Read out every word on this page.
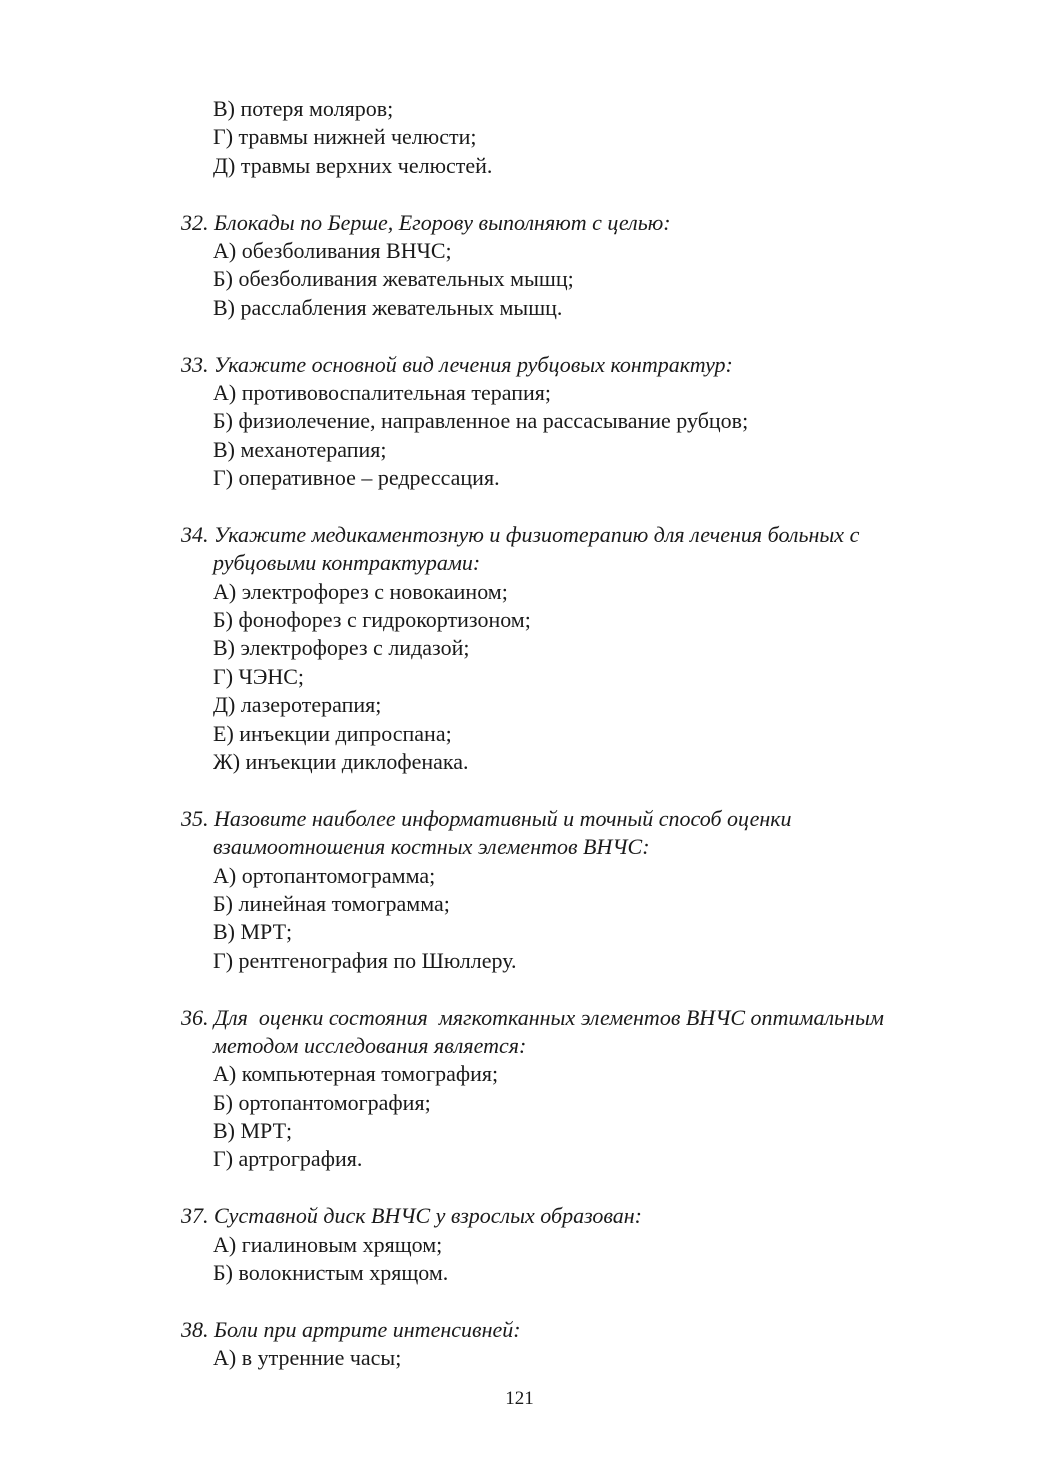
В) потеря моляров;
Г) травмы нижней челюсти;
Д) травмы верхних челюстей.
32. Блокады по Берше, Егорову выполняют с целью:
А) обезболивания ВНЧС;
Б) обезболивания жевательных мышц;
В) расслабления жевательных мышц.
33. Укажите основной вид лечения рубцовых контрактур:
А) противовоспалительная терапия;
Б) физиолечение, направленное на рассасывание рубцов;
В) механотерапия;
Г) оперативное – редрессация.
34. Укажите медикаментозную и физиотерапию для лечения больных с
рубцовыми контрактурами:
А) электрофорез с новокаином;
Б) фонофорез с гидрокортизоном;
В) электрофорез с лидазой;
Г) ЧЭНС;
Д) лазеротерапия;
Е) инъекции дипроспана;
Ж) инъекции диклофенака.
35. Назовите наиболее информативный и точный способ оценки
взаимоотношения костных элементов ВНЧС:
А) ортопантомограмма;
Б) линейная томограмма;
В) МРТ;
Г) рентгенография по Шюллеру.
36. Для  оценки состояния  мягкотканных элементов ВНЧС оптимальным
методом исследования является:
А) компьютерная томография;
Б) ортопантомография;
В) МРТ;
Г) артрография.
37. Суставной диск ВНЧС у взрослых образован:
А) гиалиновым хрящом;
Б) волокнистым хрящом.
38. Боли при артрите интенсивней:
А) в утренние часы;
121
